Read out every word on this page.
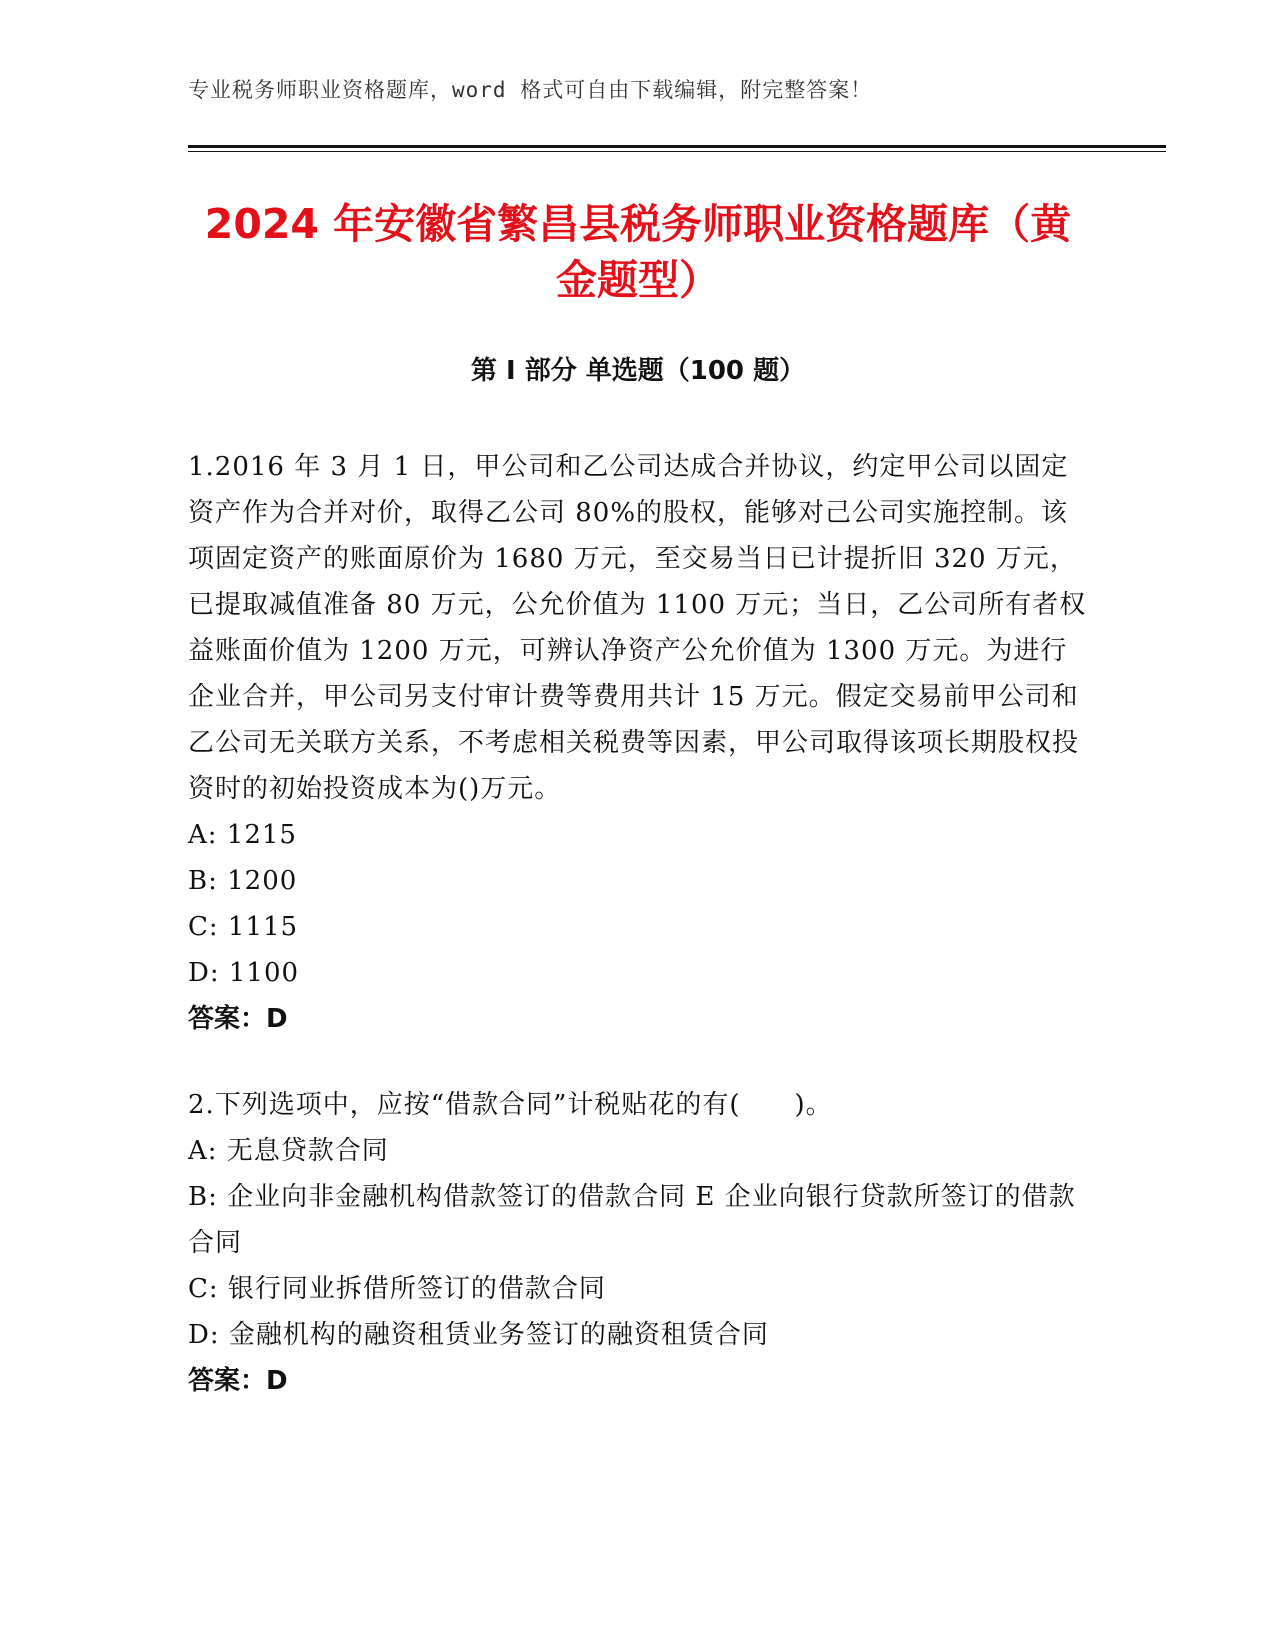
专业税务师职业资格题库，word 格式可自由下载编辑，附完整答案！
2024 年安徽省繁昌县税务师职业资格题库（黄金题型）
第 I 部分 单选题（100 题）

1.2016 年 3 月 1 日，甲公司和乙公司达成合并协议，约定甲公司以固定资产作为合并对价，取得乙公司 80%的股权，能够对己公司实施控制。该项固定资产的账面原价为 1680 万元，至交易当日已计提折旧 320 万元，已提取减值准备 80 万元，公允价值为 1100 万元；当日，乙公司所有者权益账面价值为 1200 万元，可辨认净资产公允价值为 1300 万元。为进行企业合并，甲公司另支付审计费等费用共计 15 万元。假定交易前甲公司和乙公司无关联方关系，不考虑相关税费等因素，甲公司取得该项长期股权投资时的初始投资成本为()万元。

A: 1215

B: 1200

C: 1115

D: 1100

答案：D

2.下列选项中，应按“借款合同”计税贴花的有(　　)。

A: 无息贷款合同

B: 企业向非金融机构借款签订的借款合同 E 企业向银行贷款所签订的借款合同

C: 银行同业拆借所签订的借款合同

D: 金融机构的融资租赁业务签订的融资租赁合同

答案：D
